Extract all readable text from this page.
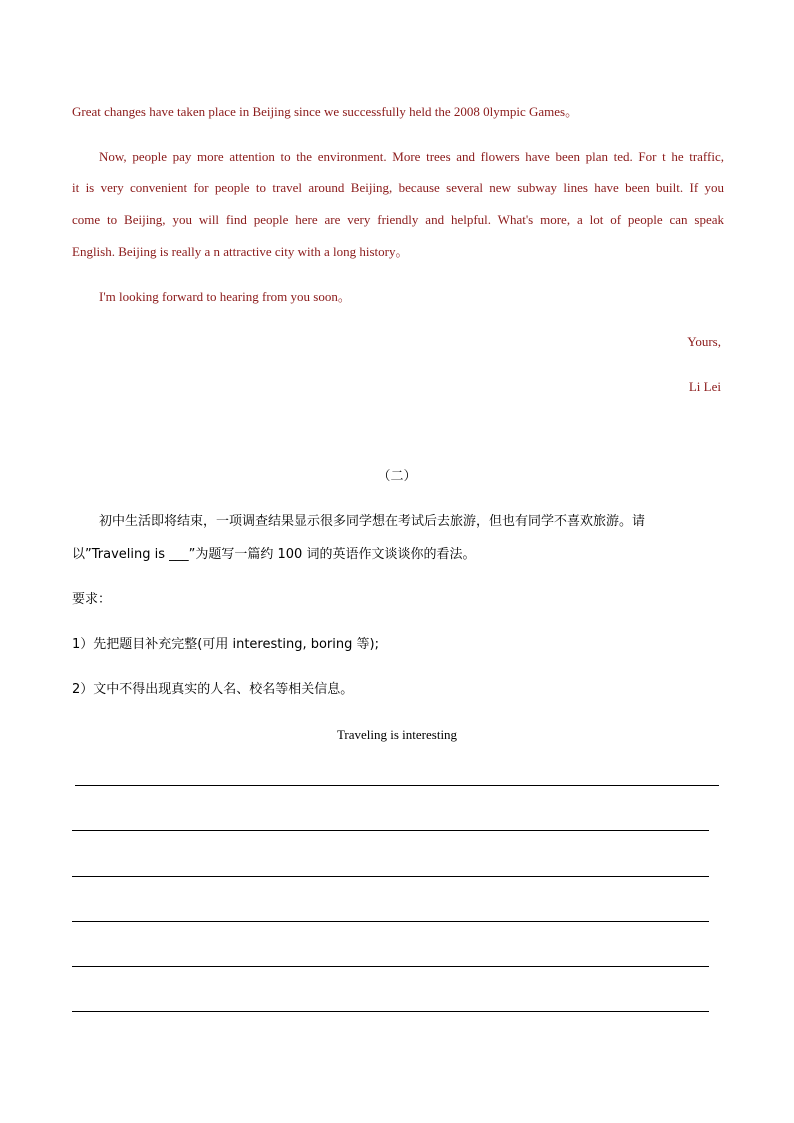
Great changes have taken place in Beijing since we successfully held the 2008 0lympic Games。
Now, people pay more attention to the environment. More trees and flowers have been plan ted. For t he traffic,
it is very convenient for people to travel around Beijing, because several new subway lines have been built. If you
come to Beijing, you will find people here are very friendly and helpful. What's more, a lot of people can speak
English. Beijing is really a n attractive city with a long history。
I'm looking forward to hearing from you soon。
Yours,
Li Lei
（二）
初中生活即将结束，一项调查结果显示很多同学想在考试后去旅游，但也有同学不喜欢旅游。请
以”Traveling is ___”为题写一篇约 100 词的英语作文谈谈你的看法。
要求：
1）先把题目补充完整(可用 interesting, boring 等);
2）文中不得出现真实的人名、校名等相关信息。
Traveling is interesting
